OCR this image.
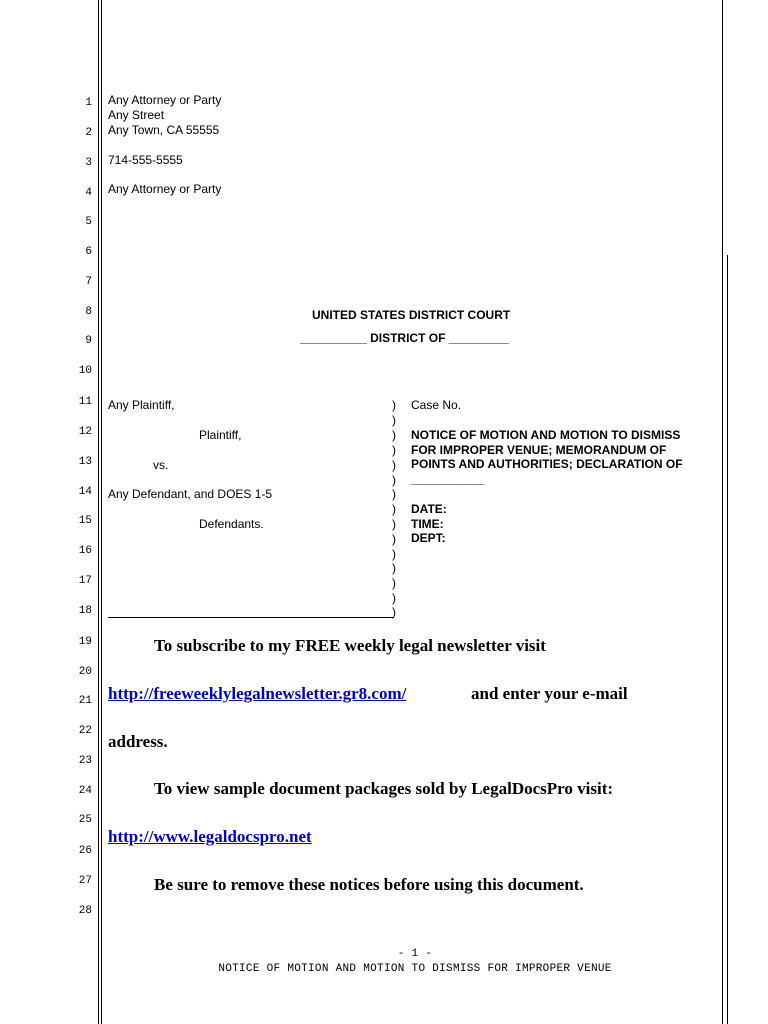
1
2
3
4
5
6
7
8
9
10
11
12
13
14
15
16
17
18
19
20
21
22
23
24
25
26
27
28
Any Attorney or Party
Any Street
Any Town, CA 55555
714-555-5555
Any Attorney or Party
UNITED STATES DISTRICT COURT
__________ DISTRICT OF _________
Any Plaintiff,
Plaintiff,
vs.
Any Defendant, and DOES 1-5
Defendants.
)
)
)
)
)
)
)
)
)
)
)
)
)
)
)
Case No.
NOTICE OF MOTION AND MOTION TO DISMISS
FOR IMPROPER VENUE; MEMORANDUM OF
POINTS AND AUTHORITIES; DECLARATION OF
___________
DATE:
TIME:
DEPT:
To subscribe to my FREE weekly legal newsletter visit
http://freeweeklylegalnewsletter.gr8.com/	and enter your e-mail
address.
To view sample document packages sold by LegalDocsPro visit:
http://www.legaldocspro.net
Be sure to remove these notices before using this document.
- 1 -
NOTICE OF MOTION AND MOTION TO DISMISS FOR IMPROPER VENUE
